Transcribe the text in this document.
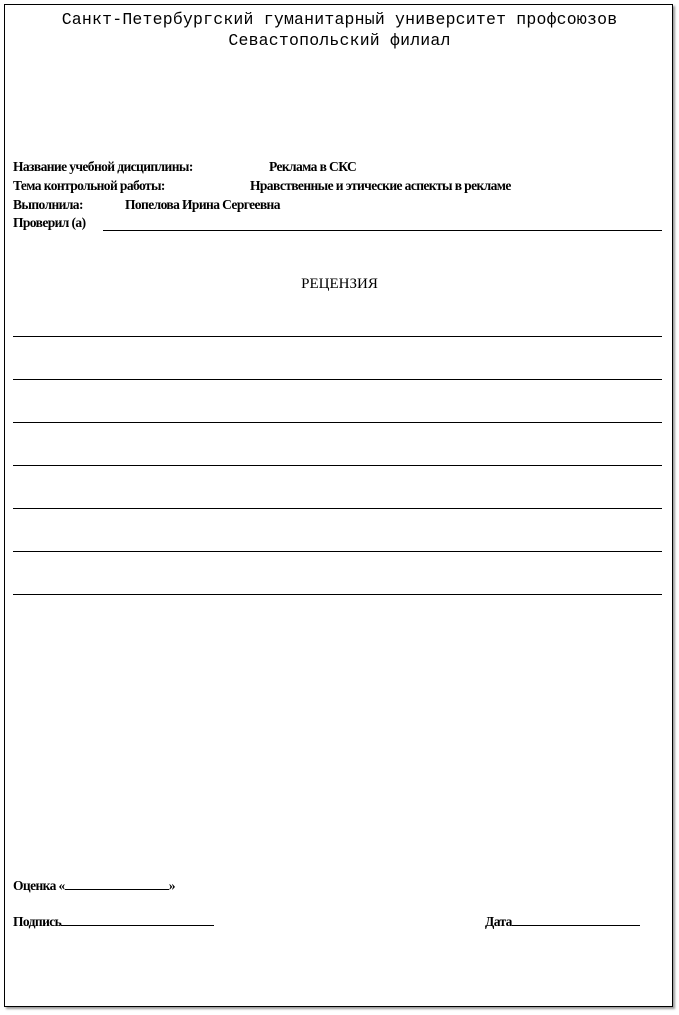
Санкт-Петербургский гуманитарный университет профсоюзов
Севастопольский филиал
Название учебной дисциплины:	Реклама в СКС
Тема контрольной работы:	Нравственные и этические аспекты в рекламе
Выполнила:	Попелова Ирина Сергеевна
Проверил (а)
РЕЦЕНЗИЯ
Оценка «	»
Подпись	Дата
